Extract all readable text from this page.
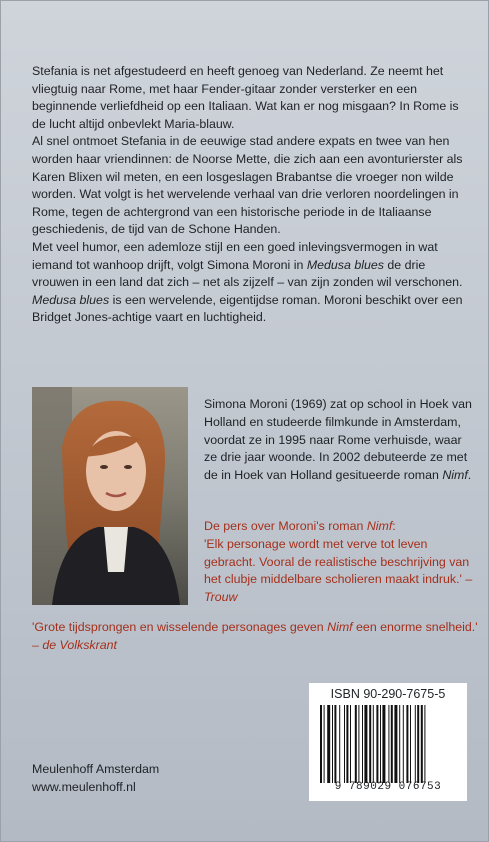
Stefania is net afgestudeerd en heeft genoeg van Nederland. Ze neemt het vliegtuig naar Rome, met haar Fender-gitaar zonder versterker en een beginnende verliefdheid op een Italiaan. Wat kan er nog misgaan? In Rome is de lucht altijd onbevlekt Maria-blauw.

Al snel ontmoet Stefania in de eeuwige stad andere expats en twee van hen worden haar vriendinnen: de Noorse Mette, die zich aan een avonturierster als Karen Blixen wil meten, en een losgeslagen Brabantse die vroeger non wilde worden. Wat volgt is het wervelende verhaal van drie verloren noordelingen in Rome, tegen de achtergrond van een historische periode in de Italiaanse geschiedenis, de tijd van de Schone Handen.

Met veel humor, een ademloze stijl en een goed inlevingsvermogen in wat iemand tot wanhoop drijft, volgt Simona Moroni in Medusa blues de drie vrouwen in een land dat zich – net als zijzelf – van zijn zonden wil verschonen.

Medusa blues is een wervelende, eigentijdse roman. Moroni beschikt over een Bridget Jones-achtige vaart en luchtigheid.

Simona Moroni (1969) zat op school in Hoek van Holland en studeerde filmkunde in Amsterdam, voordat ze in 1995 naar Rome verhuisde, waar ze drie jaar woonde. In 2002 debuteerde ze met de in Hoek van Holland gesitueerde roman Nimf.

De pers over Moroni's roman Nimf:

'Elk personage wordt met verve tot leven gebracht. Vooral de realistische beschrijving van het clubje middelbare scholieren maakt indruk.' – Trouw

'Grote tijdsprongen en wisselende personages geven Nimf een enorme snelheid.'

– de Volkskrant

ISBN 90-290-7675-5

9 789029 076753
Meulenhoff Amsterdam
www.meulenhoff.nl
